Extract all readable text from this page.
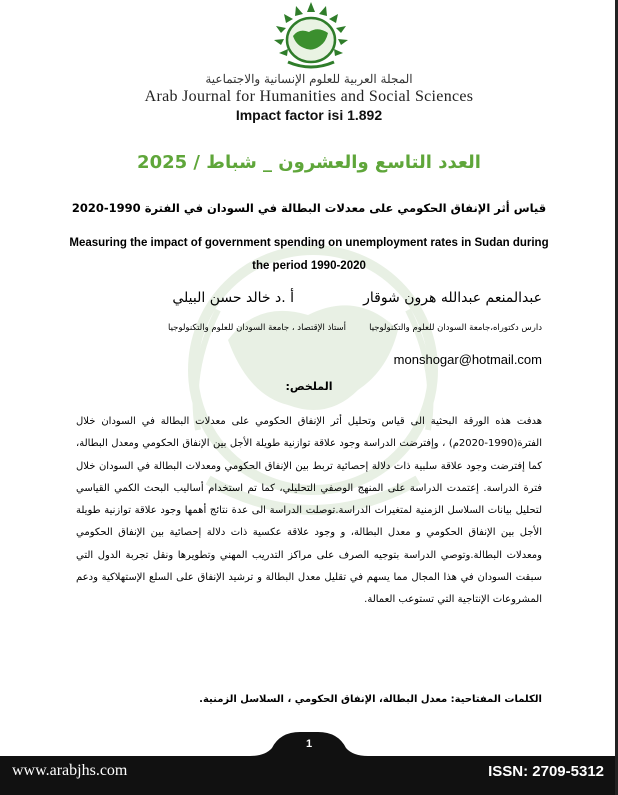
المجلة العربية للعلوم الإنسانية والاجتماعية
Arab Journal for Humanities and Social Sciences
Impact factor isi 1.892
العدد التاسع والعشرون _ شباط / 2025
قياس أثر الإنفاق الحكومي على معدلات البطالة في السودان في الفترة 1990-2020
Measuring the impact of government spending on unemployment rates in Sudan during
the period 1990-2020
عبدالمنعم عبدالله هرون شوقار
أ .د خالد حسن البيلي
دارس دكتوراه،جامعة السودان للعلوم والتكنولوجيا
أستاذ الإقتصاد ، جامعة السودان للعلوم والتكنولوجيا
monshogar@hotmail.com
الملخص:
هدفت هذه الورقة البحثية الى قياس وتحليل أثر الإنفاق الحكومي على معدلات البطالة في السودان خلال الفترة(1990-2020م) ، وإفترضت الدراسة وجود علاقة توازنية طويلة الأجل بين الإنفاق الحكومي ومعدل البطالة، كما إفترضت وجود علاقة سلبية ذات دلالة إحصائية تربط بين الإنفاق الحكومي ومعدلات البطالة في السودان خلال فترة الدراسة. إعتمدت الدراسة على المنهج الوصفي التحليلي، كما تم استخدام أساليب البحث الكمي القياسي لتحليل بيانات السلاسل الزمنية لمتغيرات الدراسة.توصلت الدراسة الى عدة نتائج أهمها وجود علاقة توازنية طويلة الأجل بين الإنفاق الحكومي و معدل البطالة، و وجود علاقة عكسية ذات دلالة إحصائية بين الإنفاق الحكومي ومعدلات البطالة.وتوصي الدراسة بتوجيه الصرف على مراكز التدريب المهني وتطويرها ونقل تجربة الدول التي سبقت السودان في هذا المجال مما يسهم في تقليل معدل البطالة و ترشيد الإنفاق على السلع الإستهلاكية ودعم المشروعات الإنتاجية التي تستوعب العمالة.
الكلمات المفتاحية: معدل البطالة، الإنفاق الحكومي ، السلاسل الزمنية.
1
www.arabjhs.com	ISSN: 2709-5312
